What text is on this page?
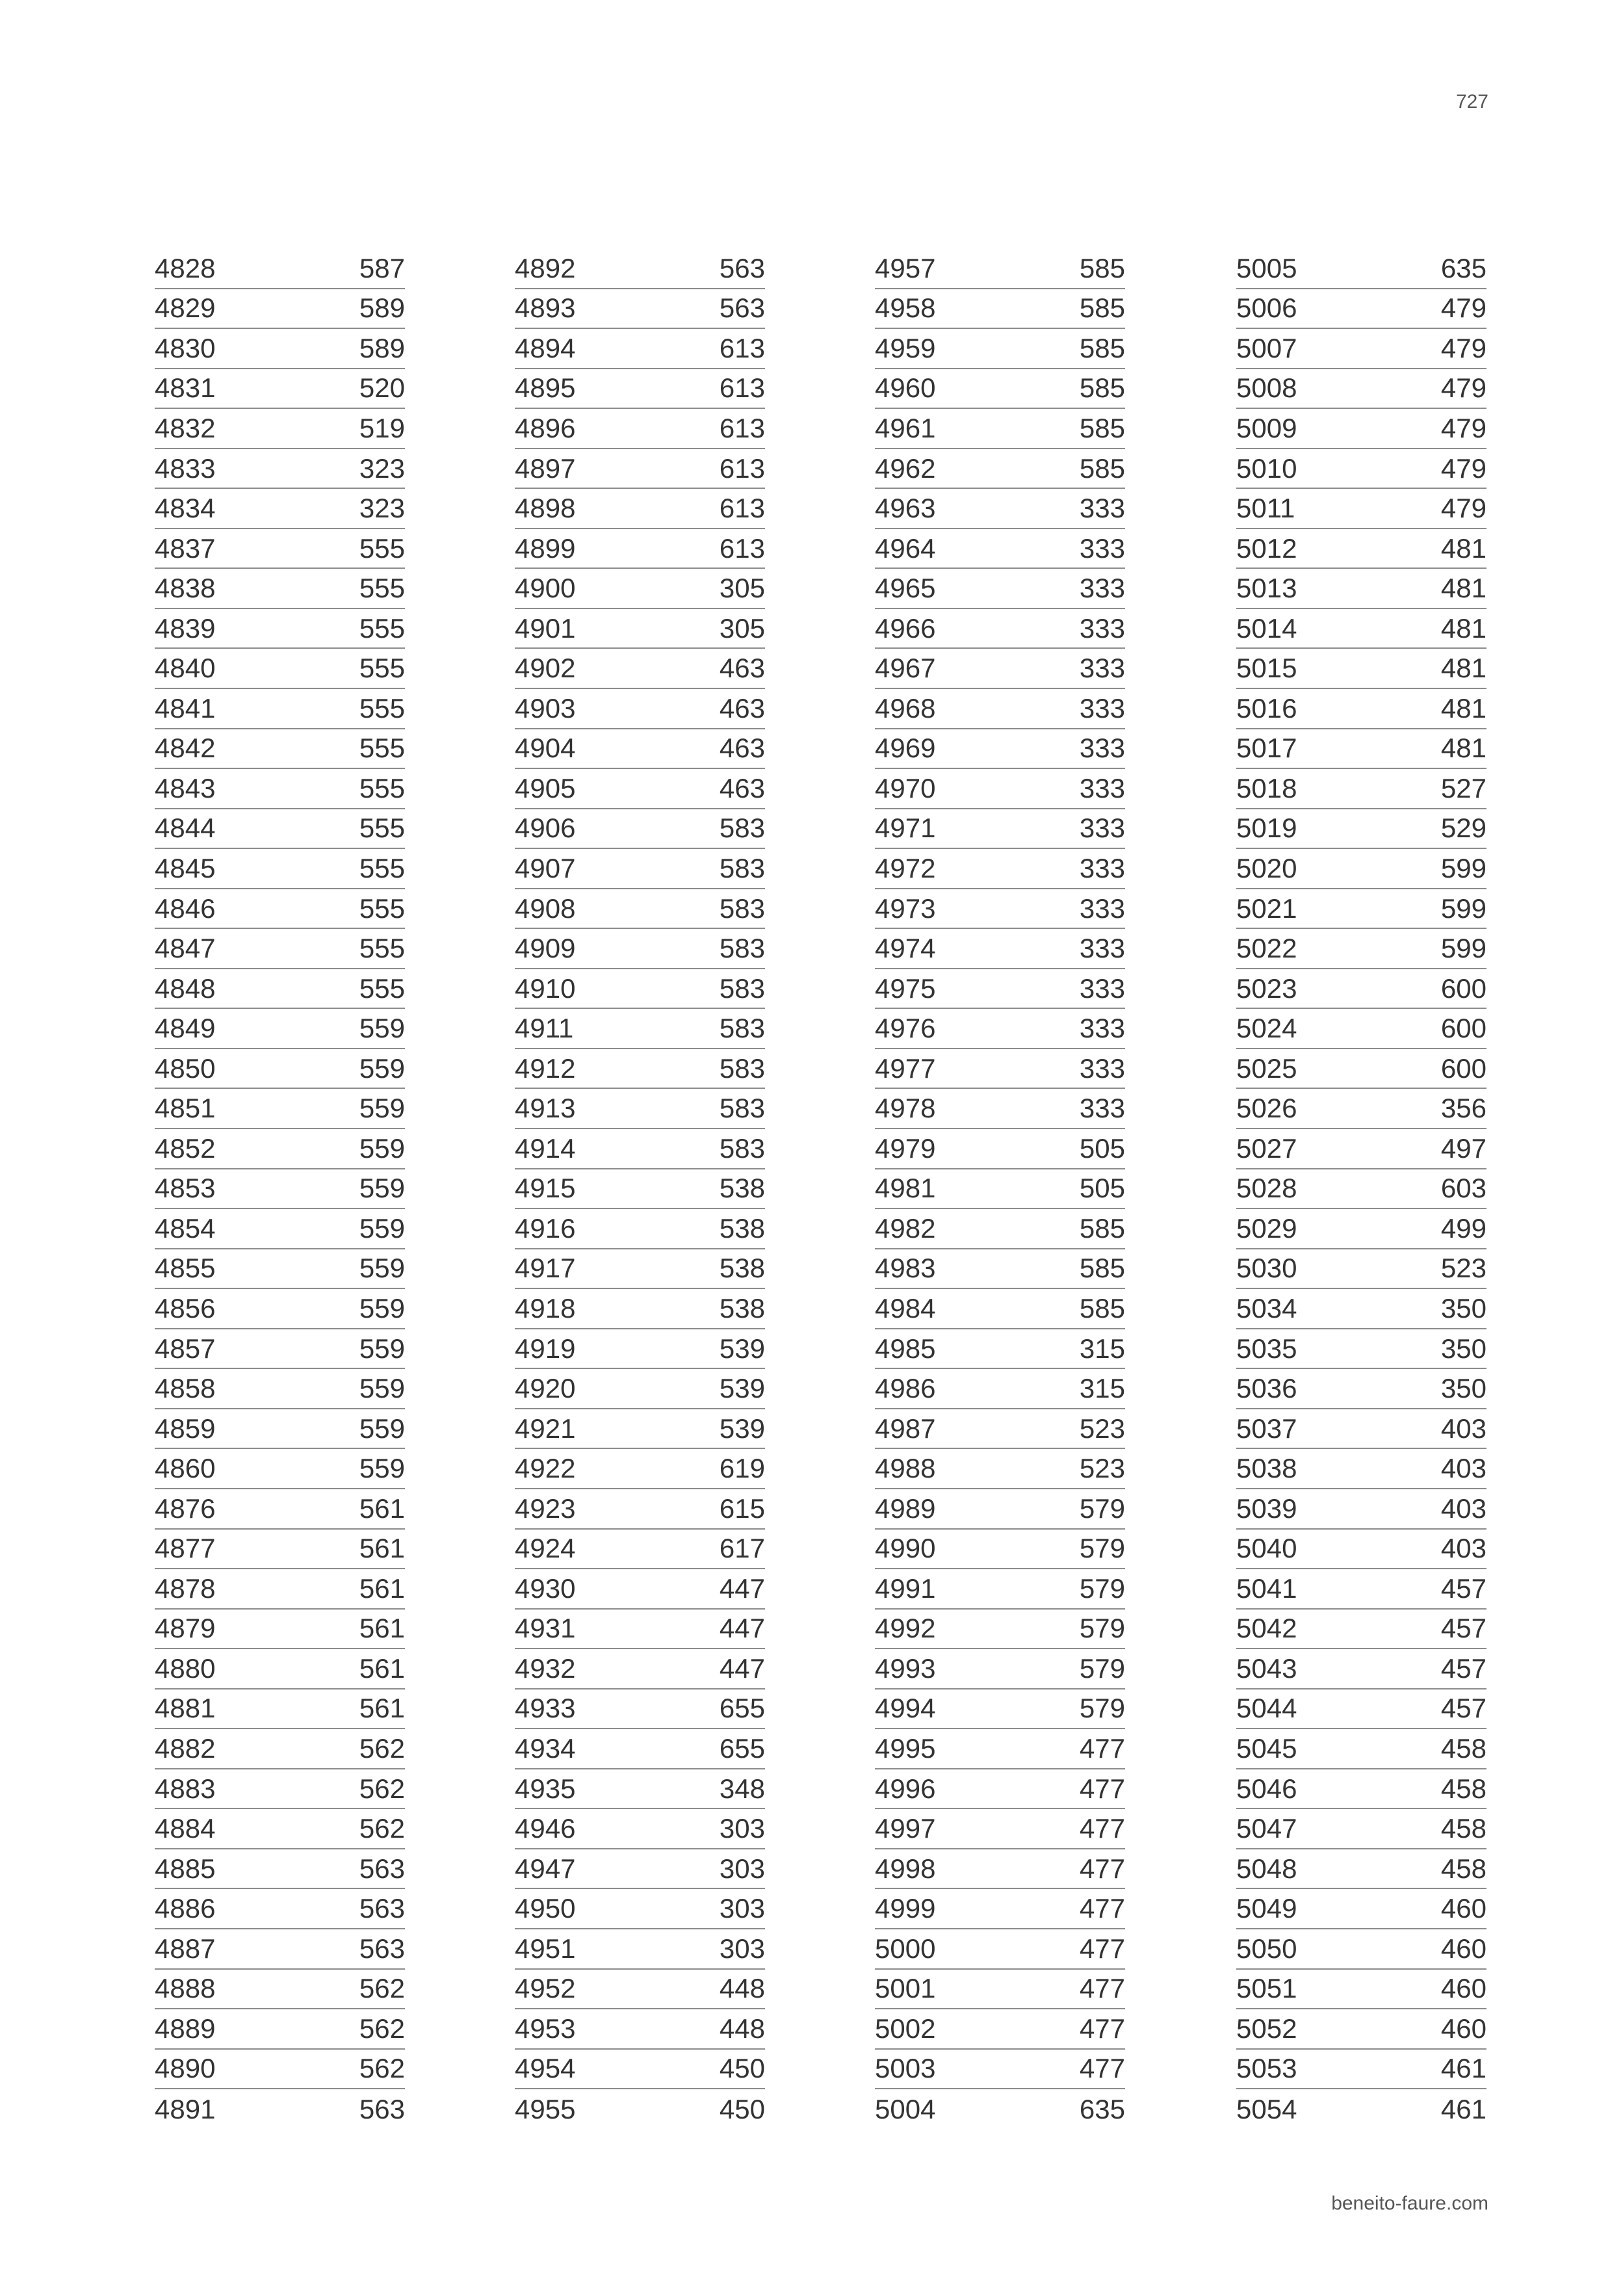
727
4828	587
4829	589
4830	589
4831	520
4832	519
4833	323
4834	323
4837	555
4838	555
4839	555
4840	555
4841	555
4842	555
4843	555
4844	555
4845	555
4846	555
4847	555
4848	555
4849	559
4850	559
4851	559
4852	559
4853	559
4854	559
4855	559
4856	559
4857	559
4858	559
4859	559
4860	559
4876	561
4877	561
4878	561
4879	561
4880	561
4881	561
4882	562
4883	562
4884	562
4885	563
4886	563
4887	563
4888	562
4889	562
4890	562
4891	563
4892	563
4893	563
4894	613
4895	613
4896	613
4897	613
4898	613
4899	613
4900	305
4901	305
4902	463
4903	463
4904	463
4905	463
4906	583
4907	583
4908	583
4909	583
4910	583
4911	583
4912	583
4913	583
4914	583
4915	538
4916	538
4917	538
4918	538
4919	539
4920	539
4921	539
4922	619
4923	615
4924	617
4930	447
4931	447
4932	447
4933	655
4934	655
4935	348
4946	303
4947	303
4950	303
4951	303
4952	448
4953	448
4954	450
4955	450
4957	585
4958	585
4959	585
4960	585
4961	585
4962	585
4963	333
4964	333
4965	333
4966	333
4967	333
4968	333
4969	333
4970	333
4971	333
4972	333
4973	333
4974	333
4975	333
4976	333
4977	333
4978	333
4979	505
4981	505
4982	585
4983	585
4984	585
4985	315
4986	315
4987	523
4988	523
4989	579
4990	579
4991	579
4992	579
4993	579
4994	579
4995	477
4996	477
4997	477
4998	477
4999	477
5000	477
5001	477
5002	477
5003	477
5004	635
5005	635
5006	479
5007	479
5008	479
5009	479
5010	479
5011	479
5012	481
5013	481
5014	481
5015	481
5016	481
5017	481
5018	527
5019	529
5020	599
5021	599
5022	599
5023	600
5024	600
5025	600
5026	356
5027	497
5028	603
5029	499
5030	523
5034	350
5035	350
5036	350
5037	403
5038	403
5039	403
5040	403
5041	457
5042	457
5043	457
5044	457
5045	458
5046	458
5047	458
5048	458
5049	460
5050	460
5051	460
5052	460
5053	461
5054	461
beneito-faure.com
